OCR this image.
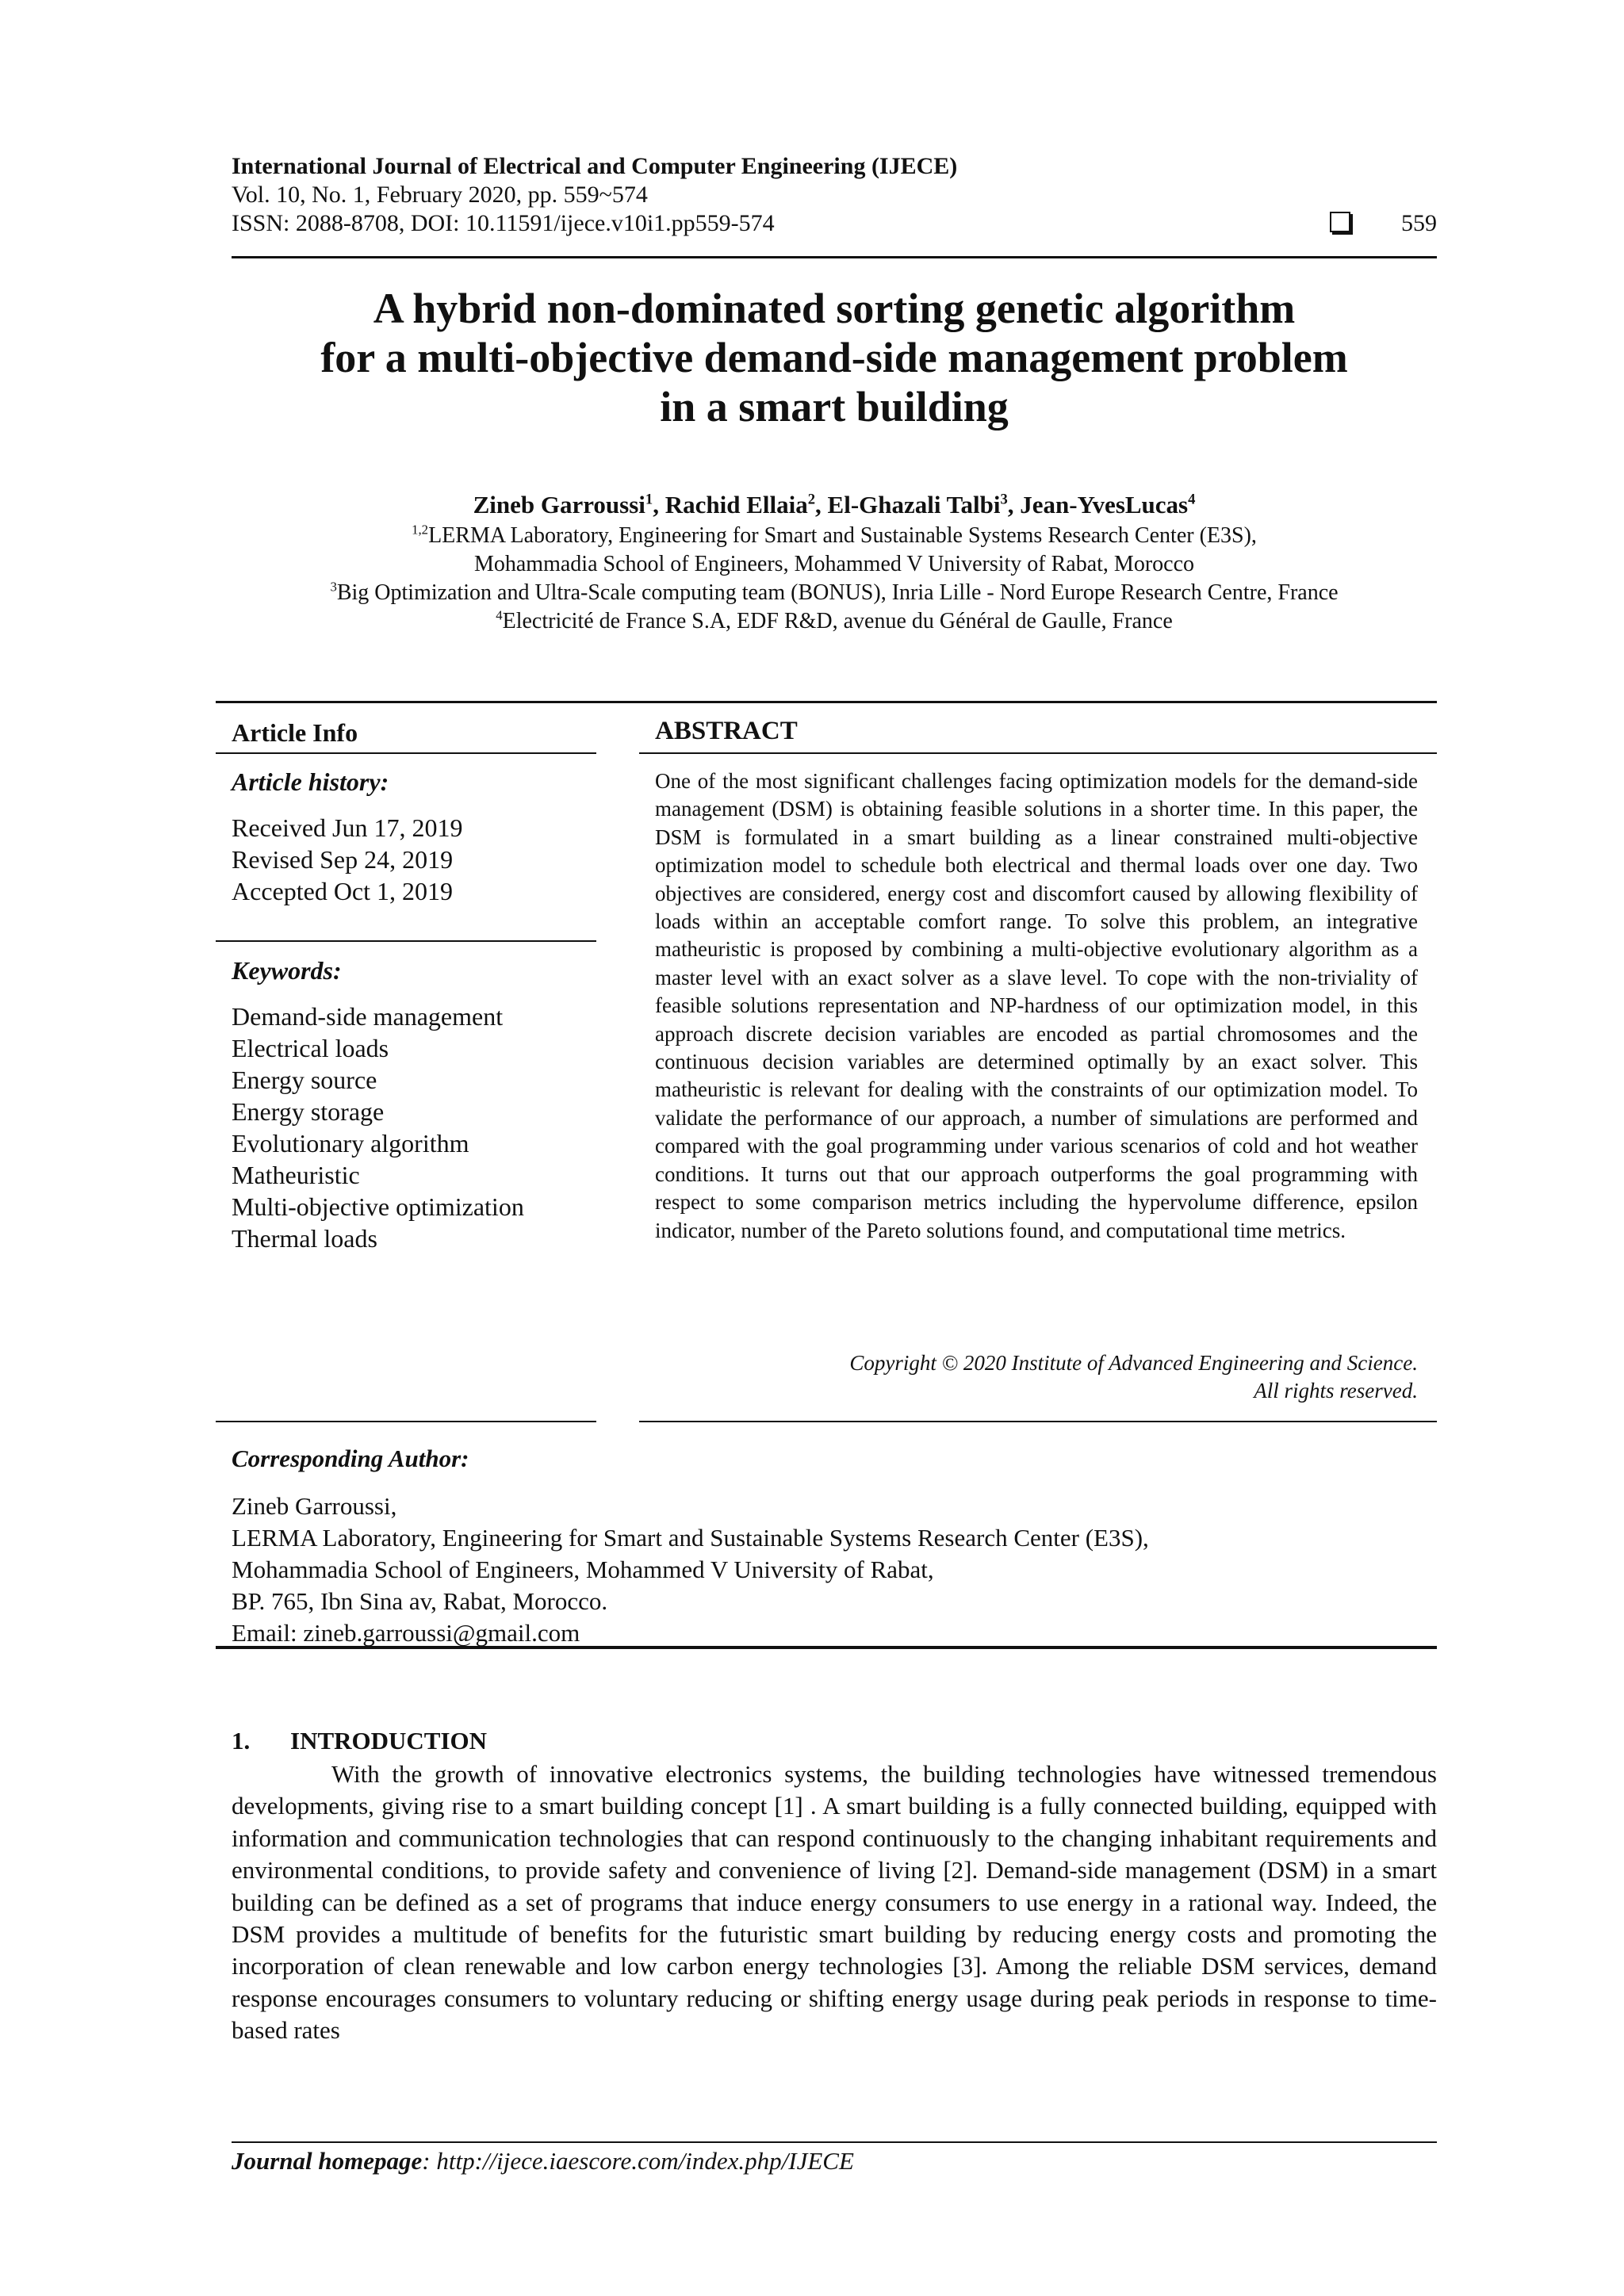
International Journal of Electrical and Computer Engineering (IJECE)
Vol. 10, No. 1, February 2020, pp. 559~574
ISSN: 2088-8708, DOI: 10.11591/ijece.v10i1.pp559-574	559
A hybrid non-dominated sorting genetic algorithm
for a multi-objective demand-side management problem
in a smart building
Zineb Garroussi$^1$, Rachid Ellaia$^2$, El-Ghazali Talbi$^3$, Jean-YvesLucas$^4$
$^{1,2}$LERMA Laboratory, Engineering for Smart and Sustainable Systems Research Center (E3S),
Mohammadia School of Engineers, Mohammed V University of Rabat, Morocco
$^3$Big Optimization and Ultra-Scale computing team (BONUS), Inria Lille - Nord Europe Research Centre, France
$^4$Electricité de France S.A, EDF R&D, avenue du Général de Gaulle, France
Article Info
Article history:
Received Jun 17, 2019
Revised Sep 24, 2019
Accepted Oct 1, 2019
Keywords:
Demand-side management
Electrical loads
Energy source
Energy storage
Evolutionary algorithm
Matheuristic
Multi-objective optimization
Thermal loads
ABSTRACT
One of the most significant challenges facing optimization models for the demand-side management (DSM) is obtaining feasible solutions in a shorter time. In this paper, the DSM is formulated in a smart building as a linear constrained multi-objective optimization model to schedule both electrical and thermal loads over one day. Two objectives are considered, energy cost and discomfort caused by allowing flexibility of loads within an acceptable comfort range. To solve this problem, an integrative matheuristic is proposed by combining a multi-objective evolutionary algorithm as a master level with an exact solver as a slave level. To cope with the non-triviality of feasible solutions representation and NP-hardness of our optimization model, in this approach discrete decision variables are encoded as partial chromosomes and the continuous decision variables are determined optimally by an exact solver. This matheuristic is relevant for dealing with the constraints of our optimization model. To validate the performance of our approach, a number of simulations are performed and compared with the goal programming under various scenarios of cold and hot weather conditions. It turns out that our approach outperforms the goal programming with respect to some comparison metrics including the hypervolume difference, epsilon indicator, number of the Pareto solutions found, and computational time metrics.
Copyright © 2020 Institute of Advanced Engineering and Science.
All rights reserved.
Corresponding Author:
Zineb Garroussi,
LERMA Laboratory, Engineering for Smart and Sustainable Systems Research Center (E3S),
Mohammadia School of Engineers, Mohammed V University of Rabat,
BP. 765, Ibn Sina av, Rabat, Morocco.
Email: zineb.garroussi@gmail.com
1. INTRODUCTION
With the growth of innovative electronics systems, the building technologies have witnessed tremendous developments, giving rise to a smart building concept [1] . A smart building is a fully connected building, equipped with information and communication technologies that can respond continuously to the changing inhabitant requirements and environmental conditions, to provide safety and convenience of living [2]. Demand-side management (DSM) in a smart building can be defined as a set of programs that induce energy consumers to use energy in a rational way. Indeed, the DSM provides a multitude of benefits for the futuristic smart building by reducing energy costs and promoting the incorporation of clean renewable and low carbon energy technologies [3]. Among the reliable DSM services, demand response encourages consumers to voluntary reducing or shifting energy usage during peak periods in response to time-based rates
Journal homepage: http://ijece.iaescore.com/index.php/IJECE
